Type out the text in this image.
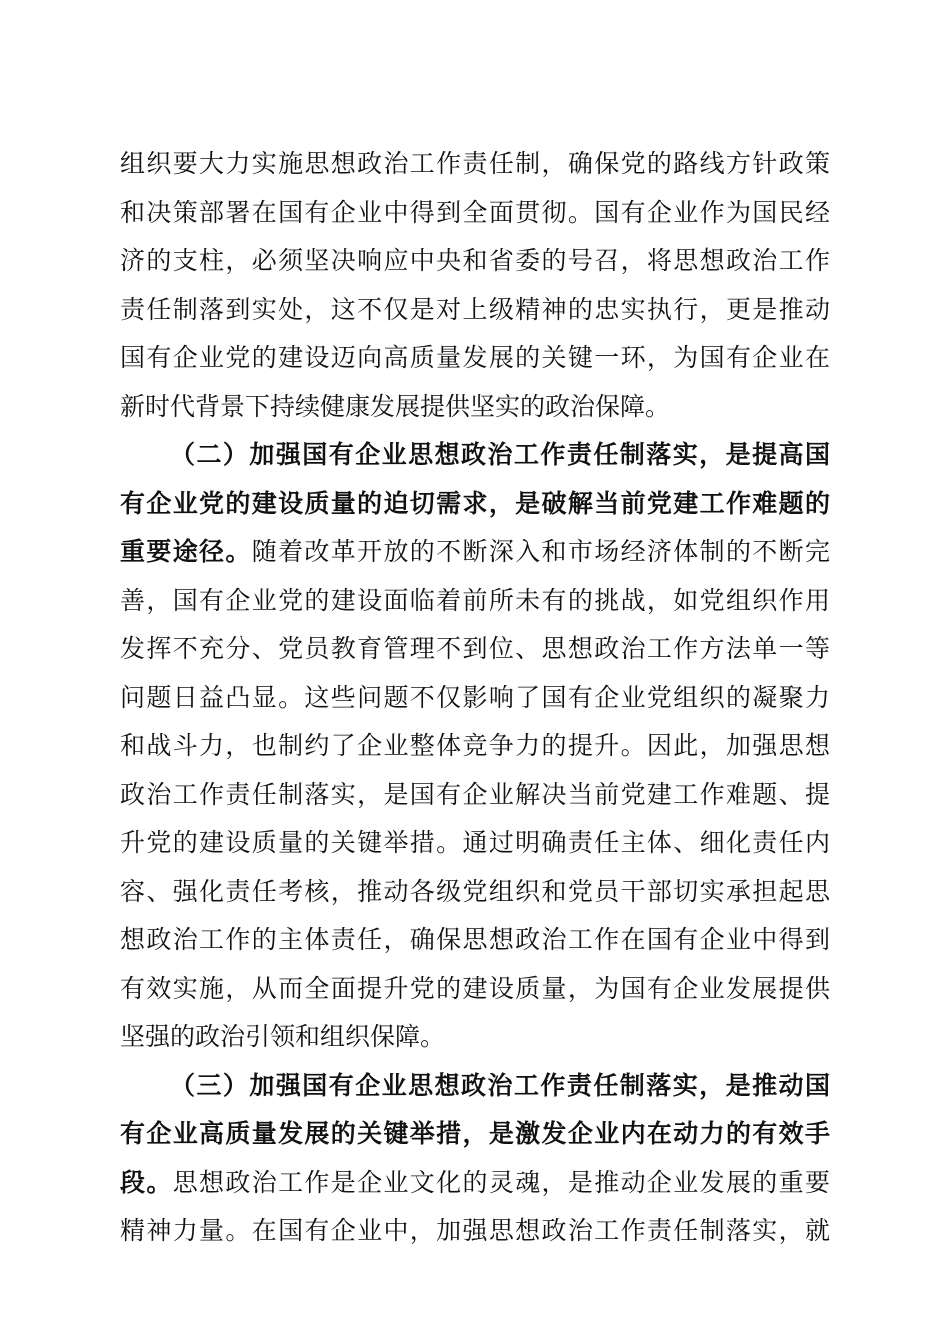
组织要大力实施思想政治工作责任制，确保党的路线方针政策
和决策部署在国有企业中得到全面贯彻。国有企业作为国民经
济的支柱，必须坚决响应中央和省委的号召，将思想政治工作
责任制落到实处，这不仅是对上级精神的忠实执行，更是推动
国有企业党的建设迈向高质量发展的关键一环，为国有企业在
新时代背景下持续健康发展提供坚实的政治保障。
（二）加强国有企业思想政治工作责任制落实，是提高国
有企业党的建设质量的迫切需求，是破解当前党建工作难题的
重要途径。随着改革开放的不断深入和市场经济体制的不断完
善，国有企业党的建设面临着前所未有的挑战，如党组织作用
发挥不充分、党员教育管理不到位、思想政治工作方法单一等
问题日益凸显。这些问题不仅影响了国有企业党组织的凝聚力
和战斗力，也制约了企业整体竞争力的提升。因此，加强思想
政治工作责任制落实，是国有企业解决当前党建工作难题、提
升党的建设质量的关键举措。通过明确责任主体、细化责任内
容、强化责任考核，推动各级党组织和党员干部切实承担起思
想政治工作的主体责任，确保思想政治工作在国有企业中得到
有效实施，从而全面提升党的建设质量，为国有企业发展提供
坚强的政治引领和组织保障。
（三）加强国有企业思想政治工作责任制落实，是推动国
有企业高质量发展的关键举措，是激发企业内在动力的有效手
段。思想政治工作是企业文化的灵魂，是推动企业发展的重要
精神力量。在国有企业中，加强思想政治工作责任制落实，就
